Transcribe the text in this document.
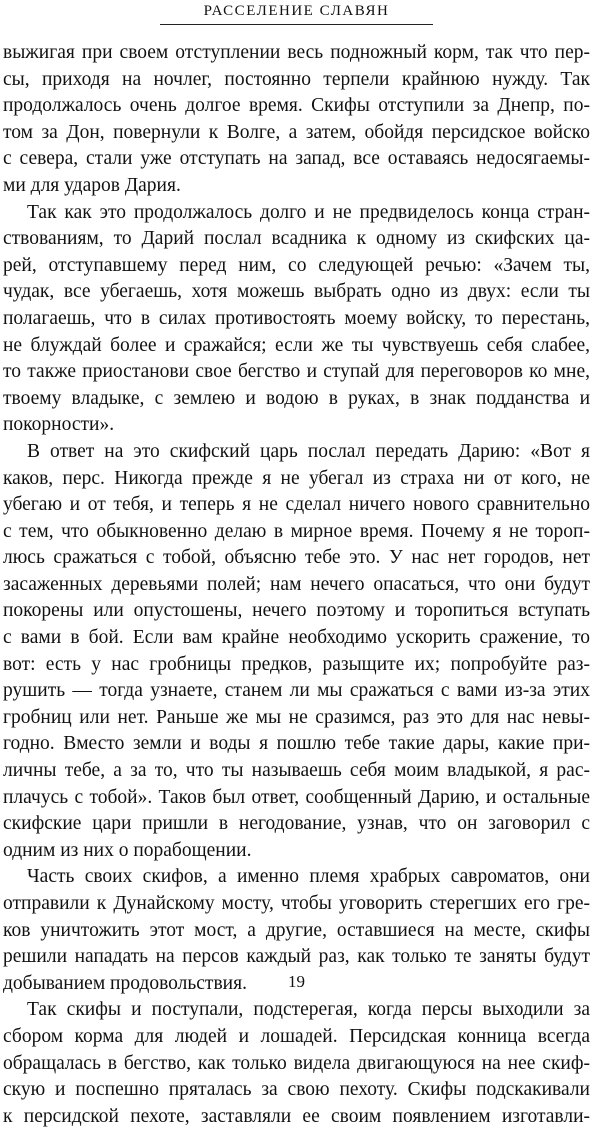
РАССЕЛЕНИЕ СЛАВЯН
выжигая при своем отступлении весь подножный корм, так что пер-
сы, приходя на ночлег, постоянно терпели крайнюю нужду. Так
продолжалось очень долгое время. Скифы отступили за Днепр, по-
том за Дон, повернули к Волге, а затем, обойдя персидское войско
с севера, стали уже отступать на запад, все оставаясь недосягаемы-
ми для ударов Дария.
Так как это продолжалось долго и не предвиделось конца стран-
ствованиям, то Дарий послал всадника к одному из скифских ца-
рей, отступавшему перед ним, со следующей речью: «Зачем ты,
чудак, все убегаешь, хотя можешь выбрать одно из двух: если ты
полагаешь, что в силах противостоять моему войску, то перестань,
не блуждай более и сражайся; если же ты чувствуешь себя слабее,
то также приостанови свое бегство и ступай для переговоров ко мне,
твоему владыке, с землею и водою в руках, в знак подданства и
покорности».
В ответ на это скифский царь послал передать Дарию: «Вот я
каков, перс. Никогда прежде я не убегал из страха ни от кого, не
убегаю и от тебя, и теперь я не сделал ничего нового сравнительно
с тем, что обыкновенно делаю в мирное время. Почему я не тороп-
люсь сражаться с тобой, объясню тебе это. У нас нет городов, нет
засаженных деревьями полей; нам нечего опасаться, что они будут
покорены или опустошены, нечего поэтому и торопиться вступать
с вами в бой. Если вам крайне необходимо ускорить сражение, то
вот: есть у нас гробницы предков, разыщите их; попробуйте раз-
рушить — тогда узнаете, станем ли мы сражаться с вами из-за этих
гробниц или нет. Раньше же мы не сразимся, раз это для нас невы-
годно. Вместо земли и воды я пошлю тебе такие дары, какие при-
личны тебе, а за то, что ты называешь себя моим владыкой, я рас-
плачусь с тобой». Таков был ответ, сообщенный Дарию, и остальные
скифские цари пришли в негодование, узнав, что он заговорил с
одним из них о порабощении.
Часть своих скифов, а именно племя храбрых савроматов, они
отправили к Дунайскому мосту, чтобы уговорить стерегших его гре-
ков уничтожить этот мост, а другие, оставшиеся на месте, скифы
решили нападать на персов каждый раз, как только те заняты будут
добыванием продовольствия.
Так скифы и поступали, подстерегая, когда персы выходили за
сбором корма для людей и лошадей. Персидская конница всегда
обращалась в бегство, как только видела двигающуюся на нее скиф-
скую и поспешно пряталась за свою пехоту. Скифы подскакивали
к персидской пехоте, заставляли ее своим появлением изготавли-
19
